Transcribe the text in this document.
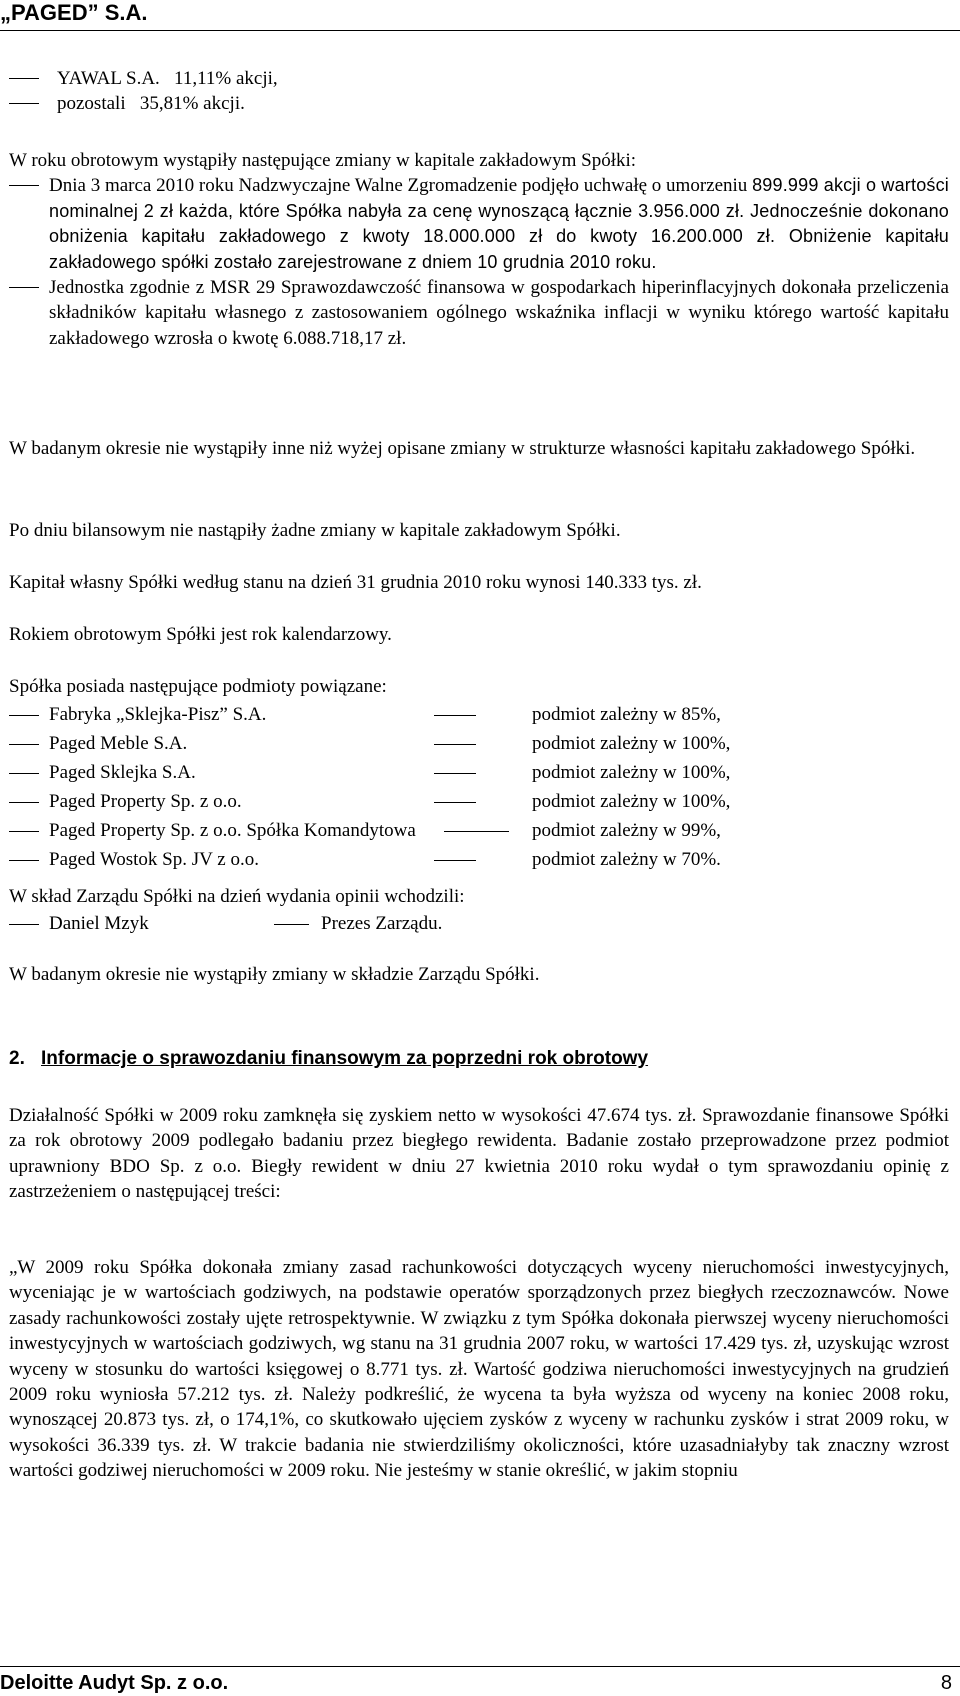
„PAGED” S.A.
YAWAL S.A.   11,11% akcji,
pozostali   35,81% akcji.
W roku obrotowym wystąpiły następujące zmiany w kapitale zakładowym Spółki:
Dnia 3 marca 2010 roku Nadzwyczajne Walne Zgromadzenie podjęło uchwałę o umorzeniu 899.999 akcji o wartości nominalnej 2 zł każda, które Spółka nabyła za cenę wynoszącą łącznie 3.956.000 zł. Jednocześnie dokonano obniżenia kapitału zakładowego z kwoty 18.000.000 zł do kwoty 16.200.000 zł. Obniżenie kapitału zakładowego spółki zostało zarejestrowane z dniem 10 grudnia 2010 roku.
Jednostka zgodnie z MSR 29 Sprawozdawczość finansowa w gospodarkach hiperinflacyjnych dokonała przeliczenia składników kapitału własnego z zastosowaniem ogólnego wskaźnika inflacji w wyniku którego wartość kapitału zakładowego wzrosła o kwotę 6.088.718,17 zł.
W badanym okresie nie wystąpiły inne niż wyżej opisane zmiany w strukturze własności kapitału zakładowego Spółki.
Po dniu bilansowym nie nastąpiły żadne zmiany w kapitale zakładowym Spółki.
Kapitał własny Spółki według stanu na dzień 31 grudnia 2010 roku wynosi 140.333 tys. zł.
Rokiem obrotowym Spółki jest rok kalendarzowy.
Spółka posiada następujące podmioty powiązane:
Fabryka „Sklejka-Pisz” S.A.	podmiot zależny w 85%,
Paged Meble S.A.	podmiot zależny w 100%,
Paged Sklejka S.A.	podmiot zależny w 100%,
Paged Property Sp. z o.o.	podmiot zależny w 100%,
Paged Property Sp. z o.o. Spółka Komandytowa	podmiot zależny w 99%,
Paged Wostok Sp. JV z o.o.	podmiot zależny w 70%.
W skład Zarządu Spółki na dzień wydania opinii wchodzili:
Daniel Mzyk	Prezes Zarządu.
W badanym okresie nie wystąpiły zmiany w składzie Zarządu Spółki.
2. Informacje o sprawozdaniu finansowym za poprzedni rok obrotowy
Działalność Spółki w 2009 roku zamknęła się zyskiem netto w wysokości 47.674 tys. zł. Sprawozdanie finansowe Spółki za rok obrotowy 2009 podlegało badaniu przez biegłego rewidenta. Badanie zostało przeprowadzone przez podmiot uprawniony BDO Sp. z o.o. Biegły rewident w dniu 27 kwietnia 2010 roku wydał o tym sprawozdaniu opinię z zastrzeżeniem o następującej treści:
„W 2009 roku Spółka dokonała zmiany zasad rachunkowości dotyczących wyceny nieruchomości inwestycyjnych, wyceniając je w wartościach godziwych, na podstawie operatów sporządzonych przez biegłych rzeczoznawców. Nowe zasady rachunkowości zostały ujęte retrospektywnie. W związku z tym Spółka dokonała pierwszej wyceny nieruchomości inwestycyjnych w wartościach godziwych, wg stanu na 31 grudnia 2007 roku, w wartości 17.429 tys. zł, uzyskując wzrost wyceny w stosunku do wartości księgowej o 8.771 tys. zł. Wartość godziwa nieruchomości inwestycyjnych na grudzień 2009 roku wyniosła 57.212 tys. zł. Należy podkreślić, że wycena ta była wyższa od wyceny na koniec 2008 roku, wynoszącej 20.873 tys. zł, o 174,1%, co skutkowało ujęciem zysków z wyceny w rachunku zysków i strat 2009 roku, w wysokości 36.339 tys. zł. W trakcie badania nie stwierdziliśmy okoliczności, które uzasadniałyby tak znaczny wzrost wartości godziwej nieruchomości w 2009 roku. Nie jesteśmy w stanie określić, w jakim stopniu
Deloitte Audyt Sp. z o.o.	8
